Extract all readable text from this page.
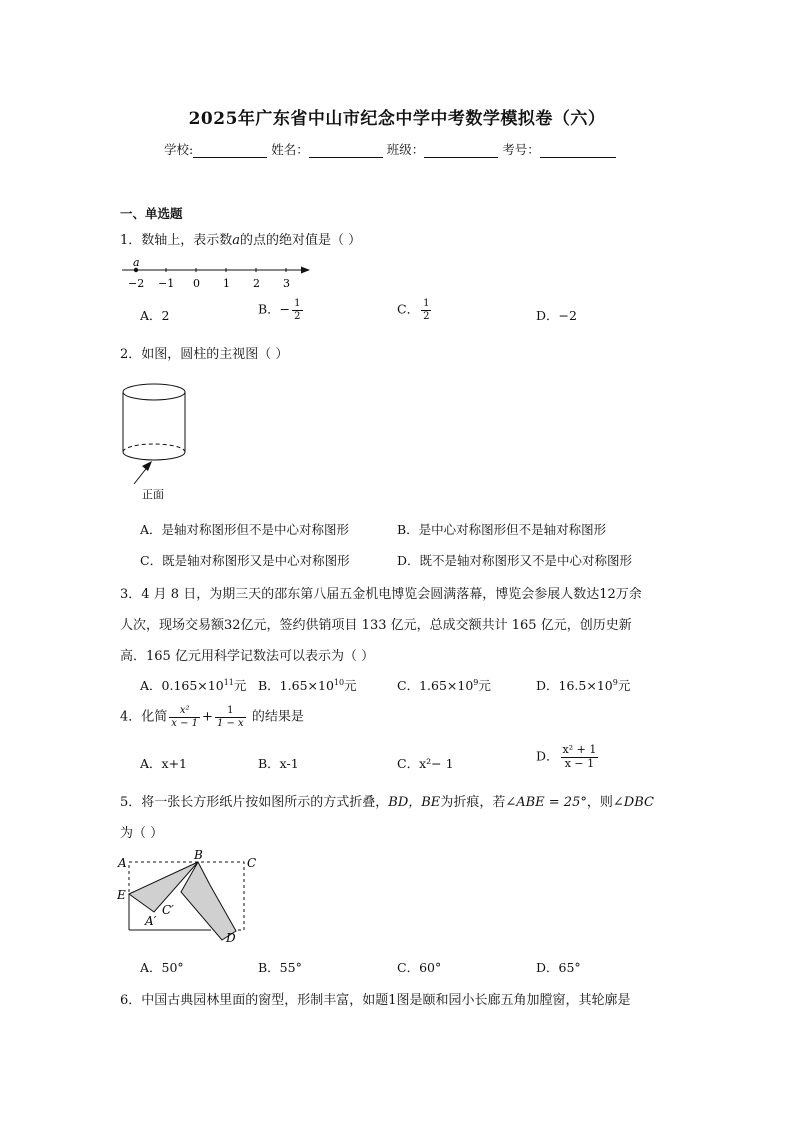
2025年广东省中山市纪念中学中考数学模拟卷（六）
学校:	姓名：	班级：	考号：
一、单选题
1．数轴上，表示数a的点的绝对值是（ ）
a
−2 −1 0 1 2 3
A．2	B．− $\frac{1}{2}$	C． $\frac{1}{2}$	D．−2
2．如图，圆柱的主视图（ ）
正面
A．是轴对称图形但不是中心对称图形	B．是中心对称图形但不是轴对称图形
C．既是轴对称图形又是中心对称图形	D．既不是轴对称图形又不是中心对称图形
3．4 月 8 日，为期三天的邵东第八届五金机电博览会圆满落幕，博览会参展人数达12万余
人次，现场交易额32亿元，签约供销项目 133 亿元，总成交额共计 165 亿元，创历史新
高．165 亿元用科学记数法可以表示为（ ）
A．$0.165\times 10^{11}$元 B．$1.65\times 10^{10}$元	C．$1.65\times 10^9$元	D．$16.5\times 10^9$元
4．化简 $\frac{\text{x²}}{x - 1} + \frac{1}{1 - x}$ 的结果是
A．x+1	B．x-1	C．x²− 1	D． $\frac{\text{x² + 1}}{x - 1}$
5．将一张长方形纸片按如图所示的方式折叠，BD，BE为折痕，若∠ABE = 25°，则∠DBC
为（ ）
A
B
C
E
A′
C′
D
A．50°	B．55°	C．60°	D．65°
6．中国古典园林里面的窗型，形制丰富，如题1图是颐和园小长廊五角加膛窗，其轮廓是
